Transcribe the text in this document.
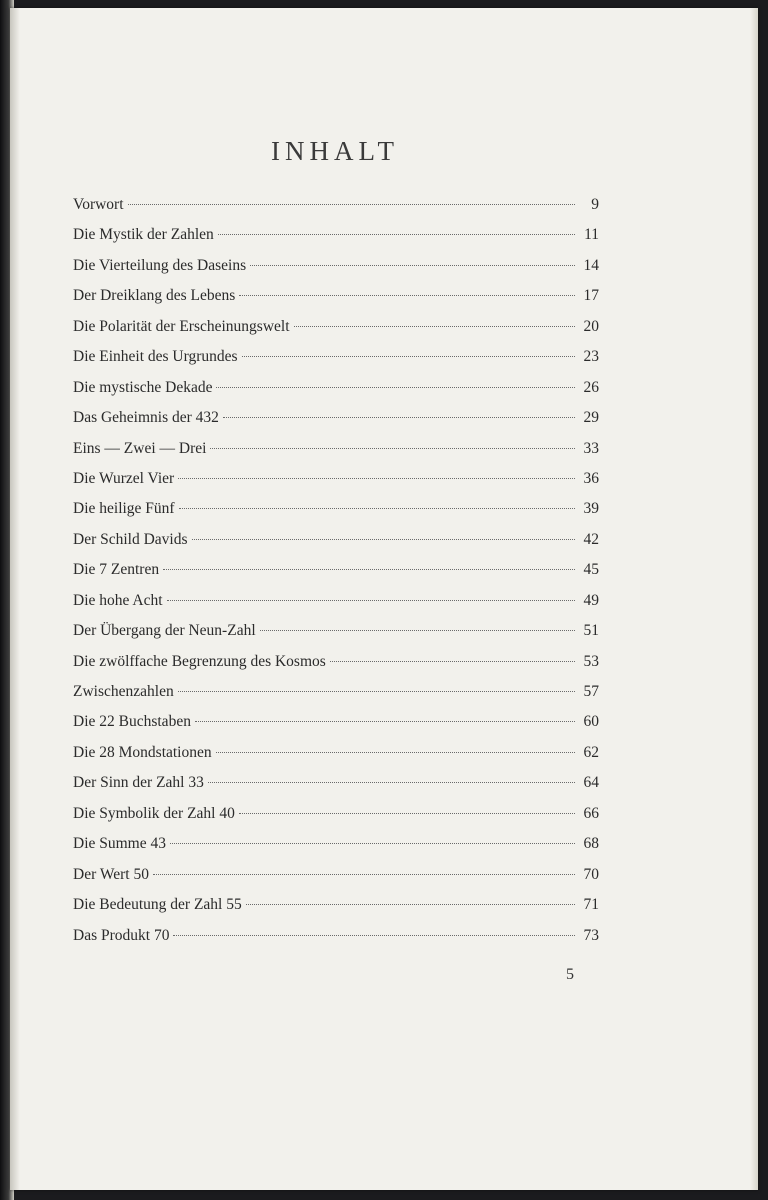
INHALT
Vorwort	9
Die Mystik der Zahlen	11
Die Vierteilung des Daseins	14
Der Dreiklang des Lebens	17
Die Polarität der Erscheinungswelt	20
Die Einheit des Urgrundes	23
Die mystische Dekade	26
Das Geheimnis der 432	29
Eins — Zwei — Drei	33
Die Wurzel Vier	36
Die heilige Fünf	39
Der Schild Davids	42
Die 7 Zentren	45
Die hohe Acht	49
Der Übergang der Neun-Zahl	51
Die zwölffache Begrenzung des Kosmos	53
Zwischenzahlen	57
Die 22 Buchstaben	60
Die 28 Mondstationen	62
Der Sinn der Zahl 33	64
Die Symbolik der Zahl 40	66
Die Summe 43	68
Der Wert 50	70
Die Bedeutung der Zahl 55	71
Das Produkt 70	73
5
